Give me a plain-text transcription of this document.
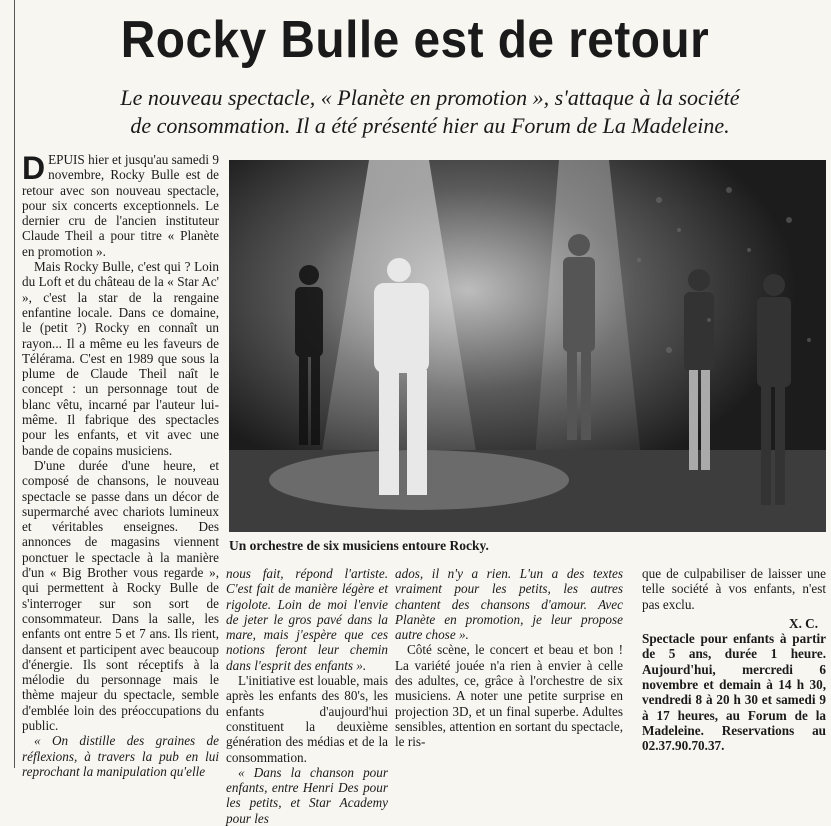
Rocky Bulle est de retour
Le nouveau spectacle, « Planète en promotion », s'attaque à la société
de consommation. Il a été présenté hier au Forum de La Madeleine.

DEPUIS hier et jusqu'au samedi 9 novembre, Rocky Bulle est de retour avec son nouveau spectacle, pour six concerts exceptionnels. Le dernier cru de l'ancien instituteur Claude Theil a pour titre « Planète en promotion ».

Mais Rocky Bulle, c'est qui ? Loin du Loft et du château de la « Star Ac' », c'est la star de la rengaine enfantine locale. Dans ce domaine, le (petit ?) Rocky en connaît un rayon... Il a même eu les faveurs de Télérama. C'est en 1989 que sous la plume de Claude Theil naît le concept : un personnage tout de blanc vêtu, incarné par l'auteur lui-même. Il fabrique des spectacles pour les enfants, et vit avec une bande de copains musiciens.

D'une durée d'une heure, et composé de chansons, le nouveau spectacle se passe dans un décor de supermarché avec chariots lumineux et véritables enseignes. Des annonces de magasins viennent ponctuer le spectacle à la manière d'un « Big Brother vous regarde », qui permettent à Rocky Bulle de s'interroger sur son sort de consommateur. Dans la salle, les enfants ont entre 5 et 7 ans. Ils rient, dansent et participent avec beaucoup d'énergie. Ils sont réceptifs à la mélodie du personnage mais le thème majeur du spectacle, semble d'emblée loin des préoccupations du public.

« On distille des graines de réflexions, à travers la pub en lui reprochant la manipulation qu'elle

Un orchestre de six musiciens entoure Rocky.

nous fait, répond l'artiste. C'est fait de manière légère et rigolote. Loin de moi l'envie de jeter le gros pavé dans la mare, mais j'espère que ces notions feront leur chemin dans l'esprit des enfants ».

L'initiative est louable, mais après les enfants des 80's, les enfants d'aujourd'hui constituent la deuxième génération des médias et de la consommation.

« Dans la chanson pour enfants, entre Henri Des pour les petits, et Star Academy pour les

ados, il n'y a rien. L'un a des textes vraiment pour les petits, les autres chantent des chansons d'amour. Avec Planète en promotion, je leur propose autre chose ».

Côté scène, le concert et beau et bon ! La variété jouée n'a rien à envier à celle des adultes, ce, grâce à l'orchestre de six musiciens. A noter une petite surprise en projection 3D, et un final superbe. Adultes sensibles, attention en sortant du spectacle, le ris-

que de culpabiliser de laisser une telle société à vos enfants, n'est pas exclu.

X. C.

Spectacle pour enfants à partir de 5 ans, durée 1 heure. Aujourd'hui, mercredi 6 novembre et demain à 14 h 30, vendredi 8 à 20 h 30 et samedi 9 à 17 heures, au Forum de la Madeleine. Reservations au 02.37.90.70.37.
